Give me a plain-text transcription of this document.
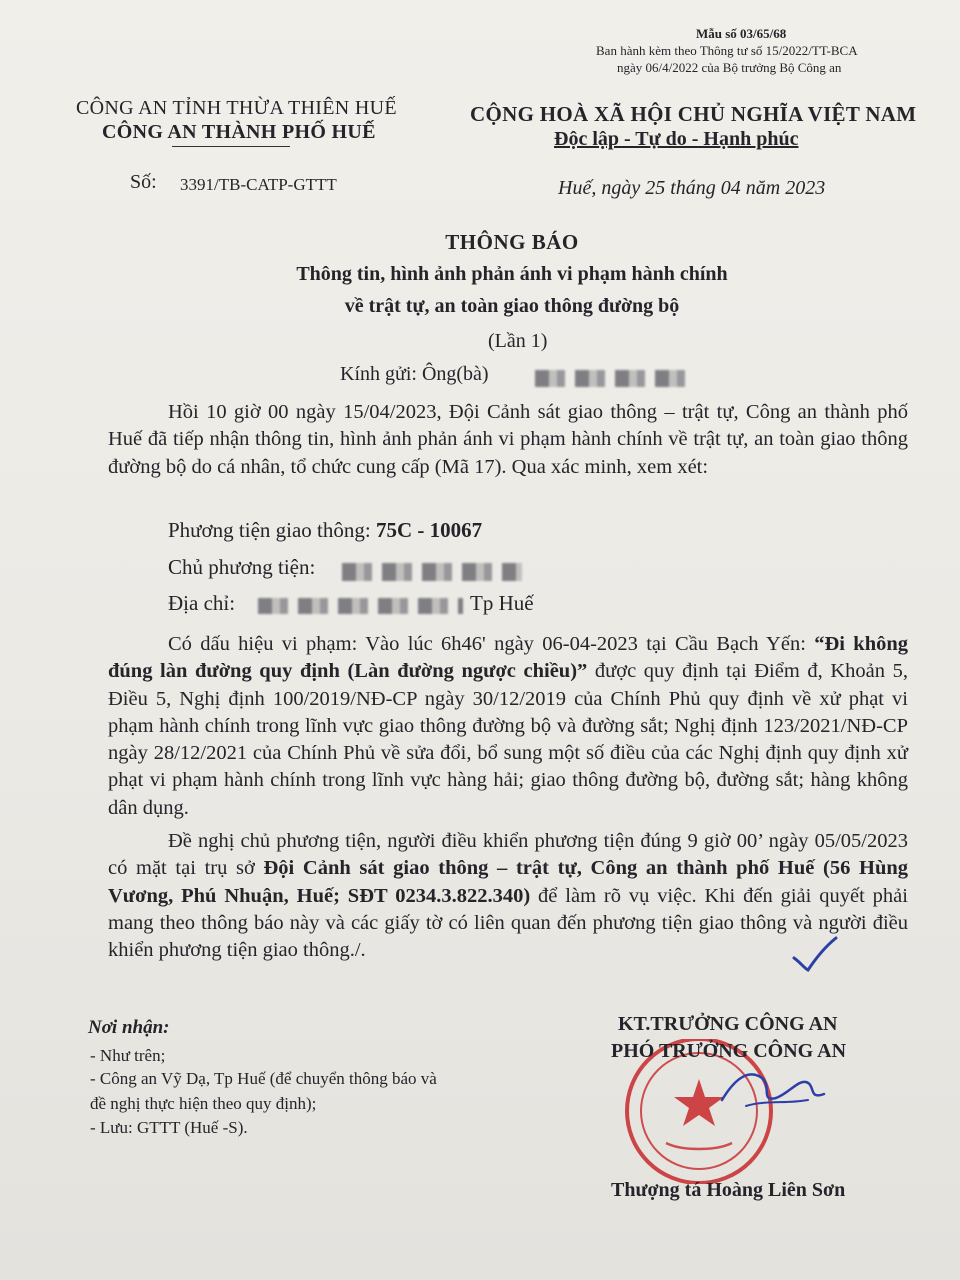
Mẫu số 03/65/68
Ban hành kèm theo Thông tư số 15/2022/TT-BCA
ngày 06/4/2022 của Bộ trưởng Bộ Công an
CÔNG AN TỈNH THỪA THIÊN HUẾ
CÔNG AN THÀNH PHỐ HUẾ
CỘNG HOÀ XÃ HỘI CHỦ NGHĨA VIỆT NAM
Độc lập - Tự do - Hạnh phúc
Số: 3391/TB-CATP-GTTT	Huế, ngày 25 tháng 04 năm 2023
THÔNG BÁO
Thông tin, hình ảnh phản ánh vi phạm hành chính
về trật tự, an toàn giao thông đường bộ
(Lần 1)
Kính gửi: Ông(bà)
Hồi 10 giờ 00 ngày 15/04/2023, Đội Cảnh sát giao thông – trật tự, Công an thành phố Huế đã tiếp nhận thông tin, hình ảnh phản ánh vi phạm hành chính về trật tự, an toàn giao thông đường bộ do cá nhân, tổ chức cung cấp (Mã 17). Qua xác minh, xem xét:
Phương tiện giao thông: 75C - 10067
Chủ phương tiện:
Địa chỉ:	Tp Huế
Có dấu hiệu vi phạm: Vào lúc 6h46' ngày 06-04-2023 tại Cầu Bạch Yến: “Đi không đúng làn đường quy định (Làn đường ngược chiều)” được quy định tại Điểm đ, Khoản 5, Điều 5, Nghị định 100/2019/NĐ-CP ngày 30/12/2019 của Chính Phủ quy định về xử phạt vi phạm hành chính trong lĩnh vực giao thông đường bộ và đường sắt; Nghị định 123/2021/NĐ-CP ngày 28/12/2021 của Chính Phủ về sửa đổi, bổ sung một số điều của các Nghị định quy định xử phạt vi phạm hành chính trong lĩnh vực hàng hải; giao thông đường bộ, đường sắt; hàng không dân dụng.
Đề nghị chủ phương tiện, người điều khiển phương tiện đúng 9 giờ 00’ ngày 05/05/2023 có mặt tại trụ sở Đội Cảnh sát giao thông – trật tự, Công an thành phố Huế (56 Hùng Vương, Phú Nhuận, Huế; SĐT 0234.3.822.340) để làm rõ vụ việc. Khi đến giải quyết phải mang theo thông báo này và các giấy tờ có liên quan đến phương tiện giao thông và người điều khiển phương tiện giao thông./.
Nơi nhận:
- Như trên;
- Công an Vỹ Dạ, Tp Huế (để chuyển thông báo và
đề nghị thực hiện theo quy định);
- Lưu: GTTT (Huế -S).
KT.TRƯỞNG CÔNG AN
PHÓ TRƯỞNG CÔNG AN
Thượng tá Hoàng Liên Sơn
